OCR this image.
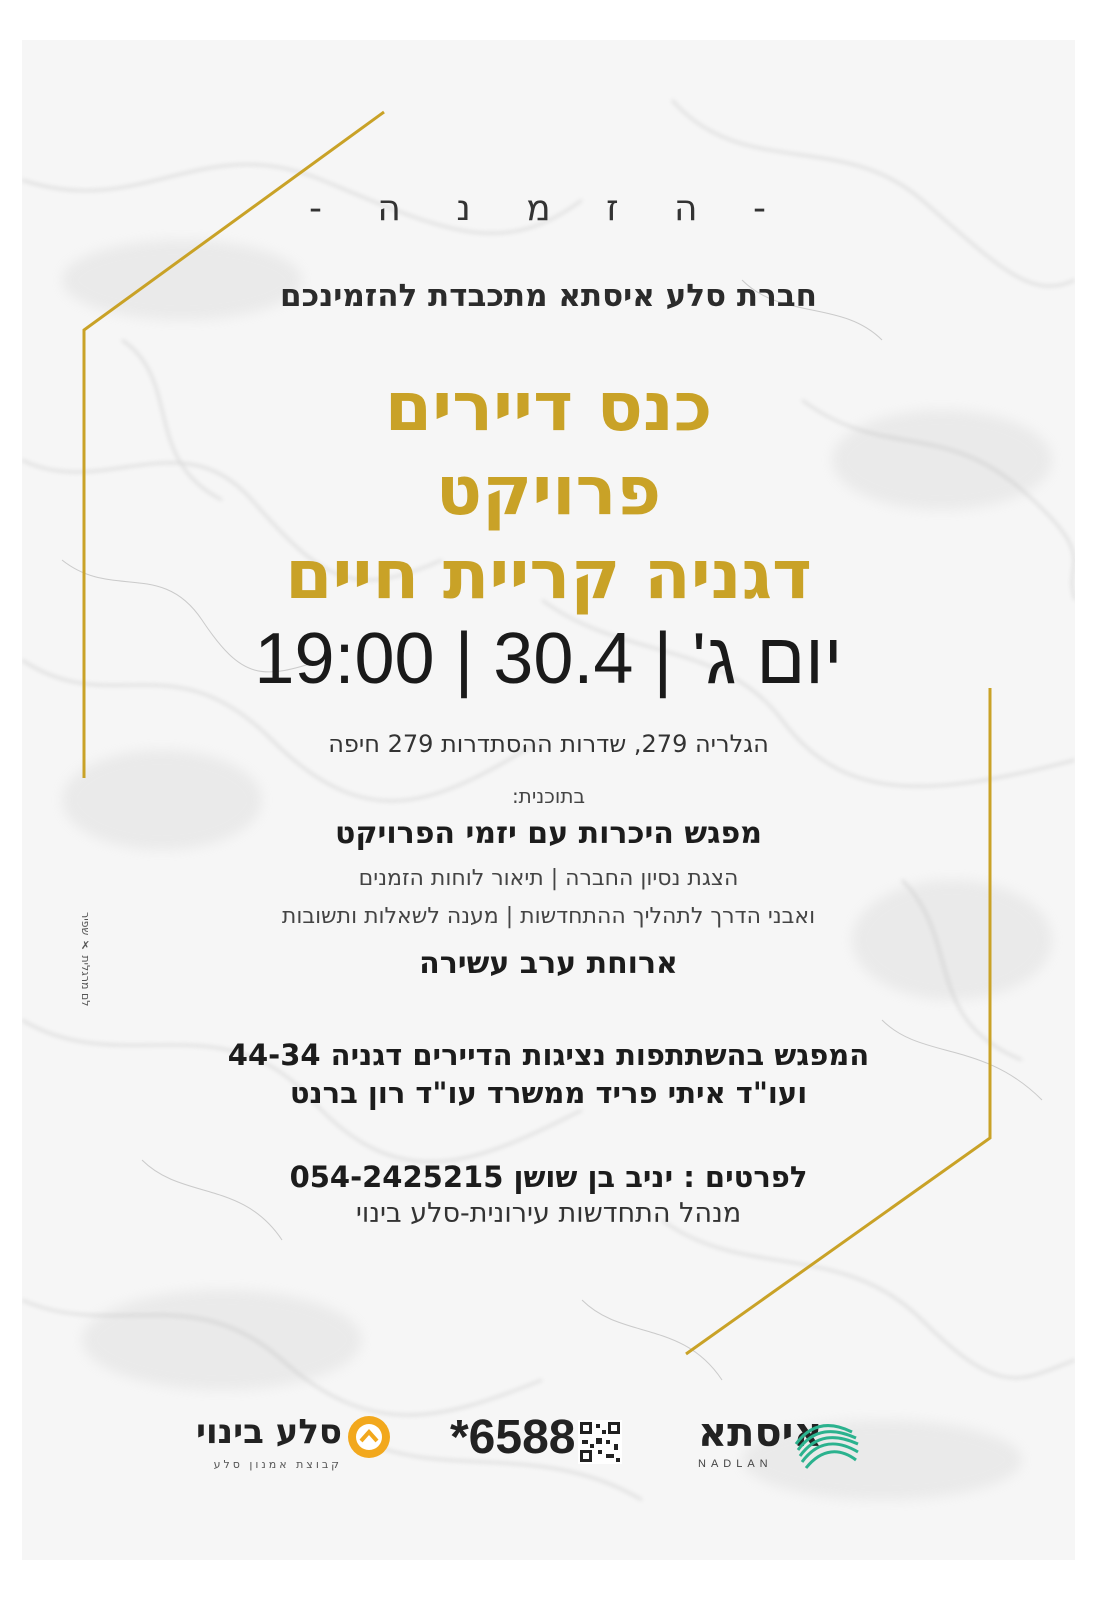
- ה ז מ נ ה -
חברת סלע איסתא מתכבדת להזמינכם
כנס דיירים
פרויקט
דגניה קריית חיים
19:00 | יום ג' | 30.4
הגלריה 279, שדרות ההסתדרות 279 חיפה
בתוכנית:
מפגש היכרות עם יזמי הפרויקט
הצגת נסיון החברה | תיאור לוחות הזמנים
ואבני הדרך לתהליך ההתחדשות | מענה לשאלות ותשובות
ארוחת ערב עשירה
המפגש בהשתתפות נציגות הדיירים דגניה 44-34
ועו"ד איתי פריד ממשרד עו"ד רון ברנט
לפרטים : יניב בן שושן 054-2425215
מנהל התחדשות עירונית-סלע בינוי
לם מרגלית ✗ שפיר
סלע בינוי
קבוצת אמנון סלע
*6588	איסתא
NADLAN
